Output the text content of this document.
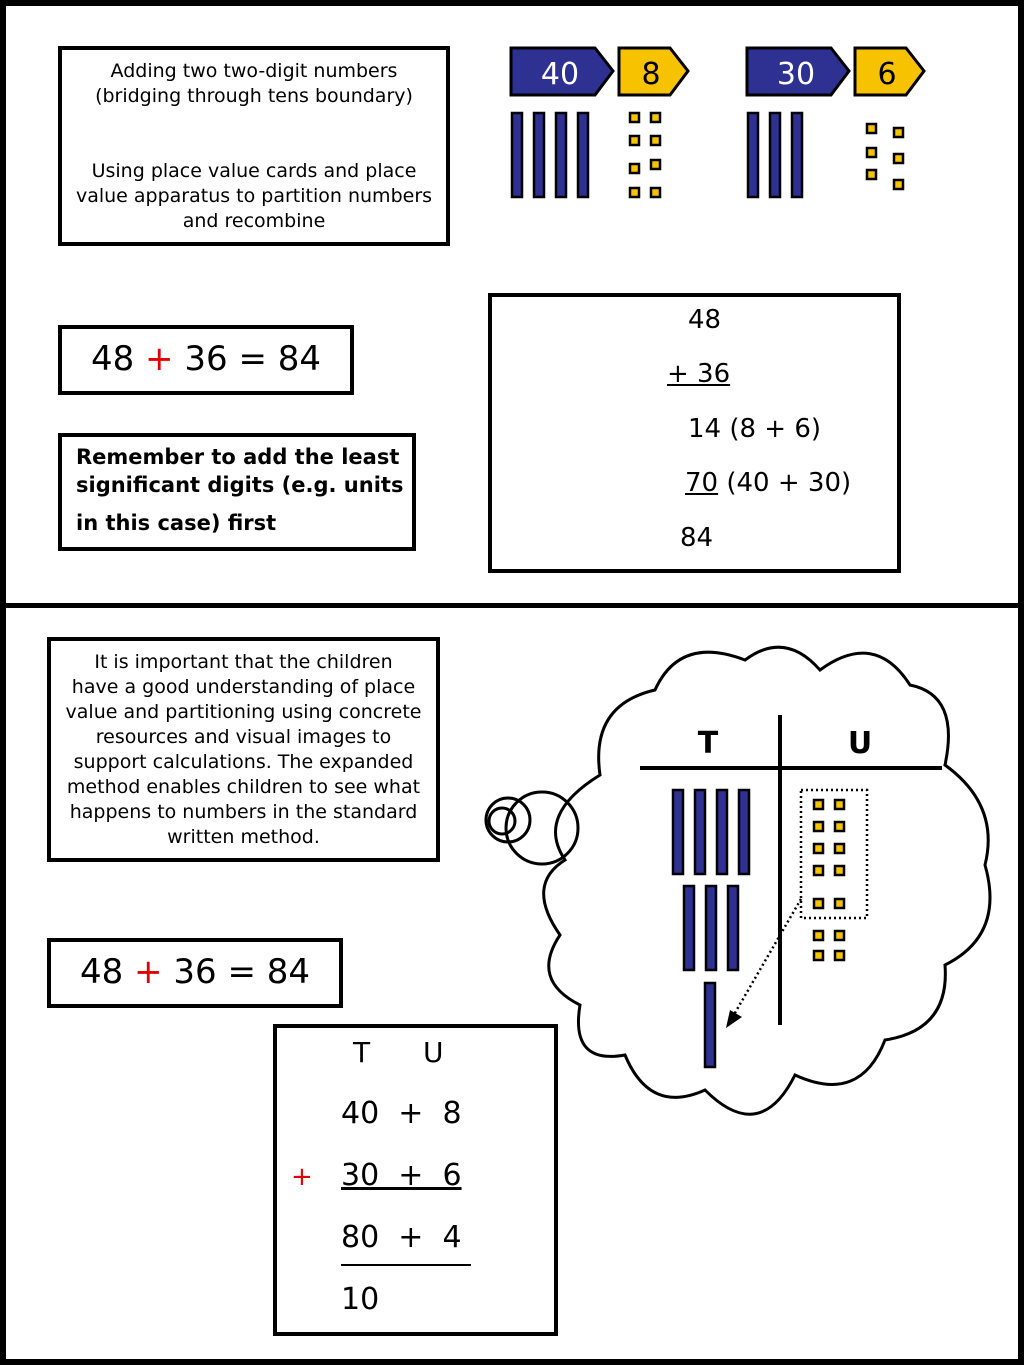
Adding two two-digit numbers
(bridging through tens boundary)
Using place value cards and place
value apparatus to partition numbers
and recombine
48 + 36 = 84
Remember to add the least
significant digits (e.g. units
in this case) first
40 8	30 6
48
+ 36
14 (8 + 6)
70 (40 + 30)
84
It is important that the children
have a good understanding of place
value and partitioning using concrete
resources and visual images to
support calculations. The expanded
method enables children to see what
happens to numbers in the standard
written method.
48 + 36 = 84
T U
40  +  8
+ 30  +  6
80  +  4
10
T	U
